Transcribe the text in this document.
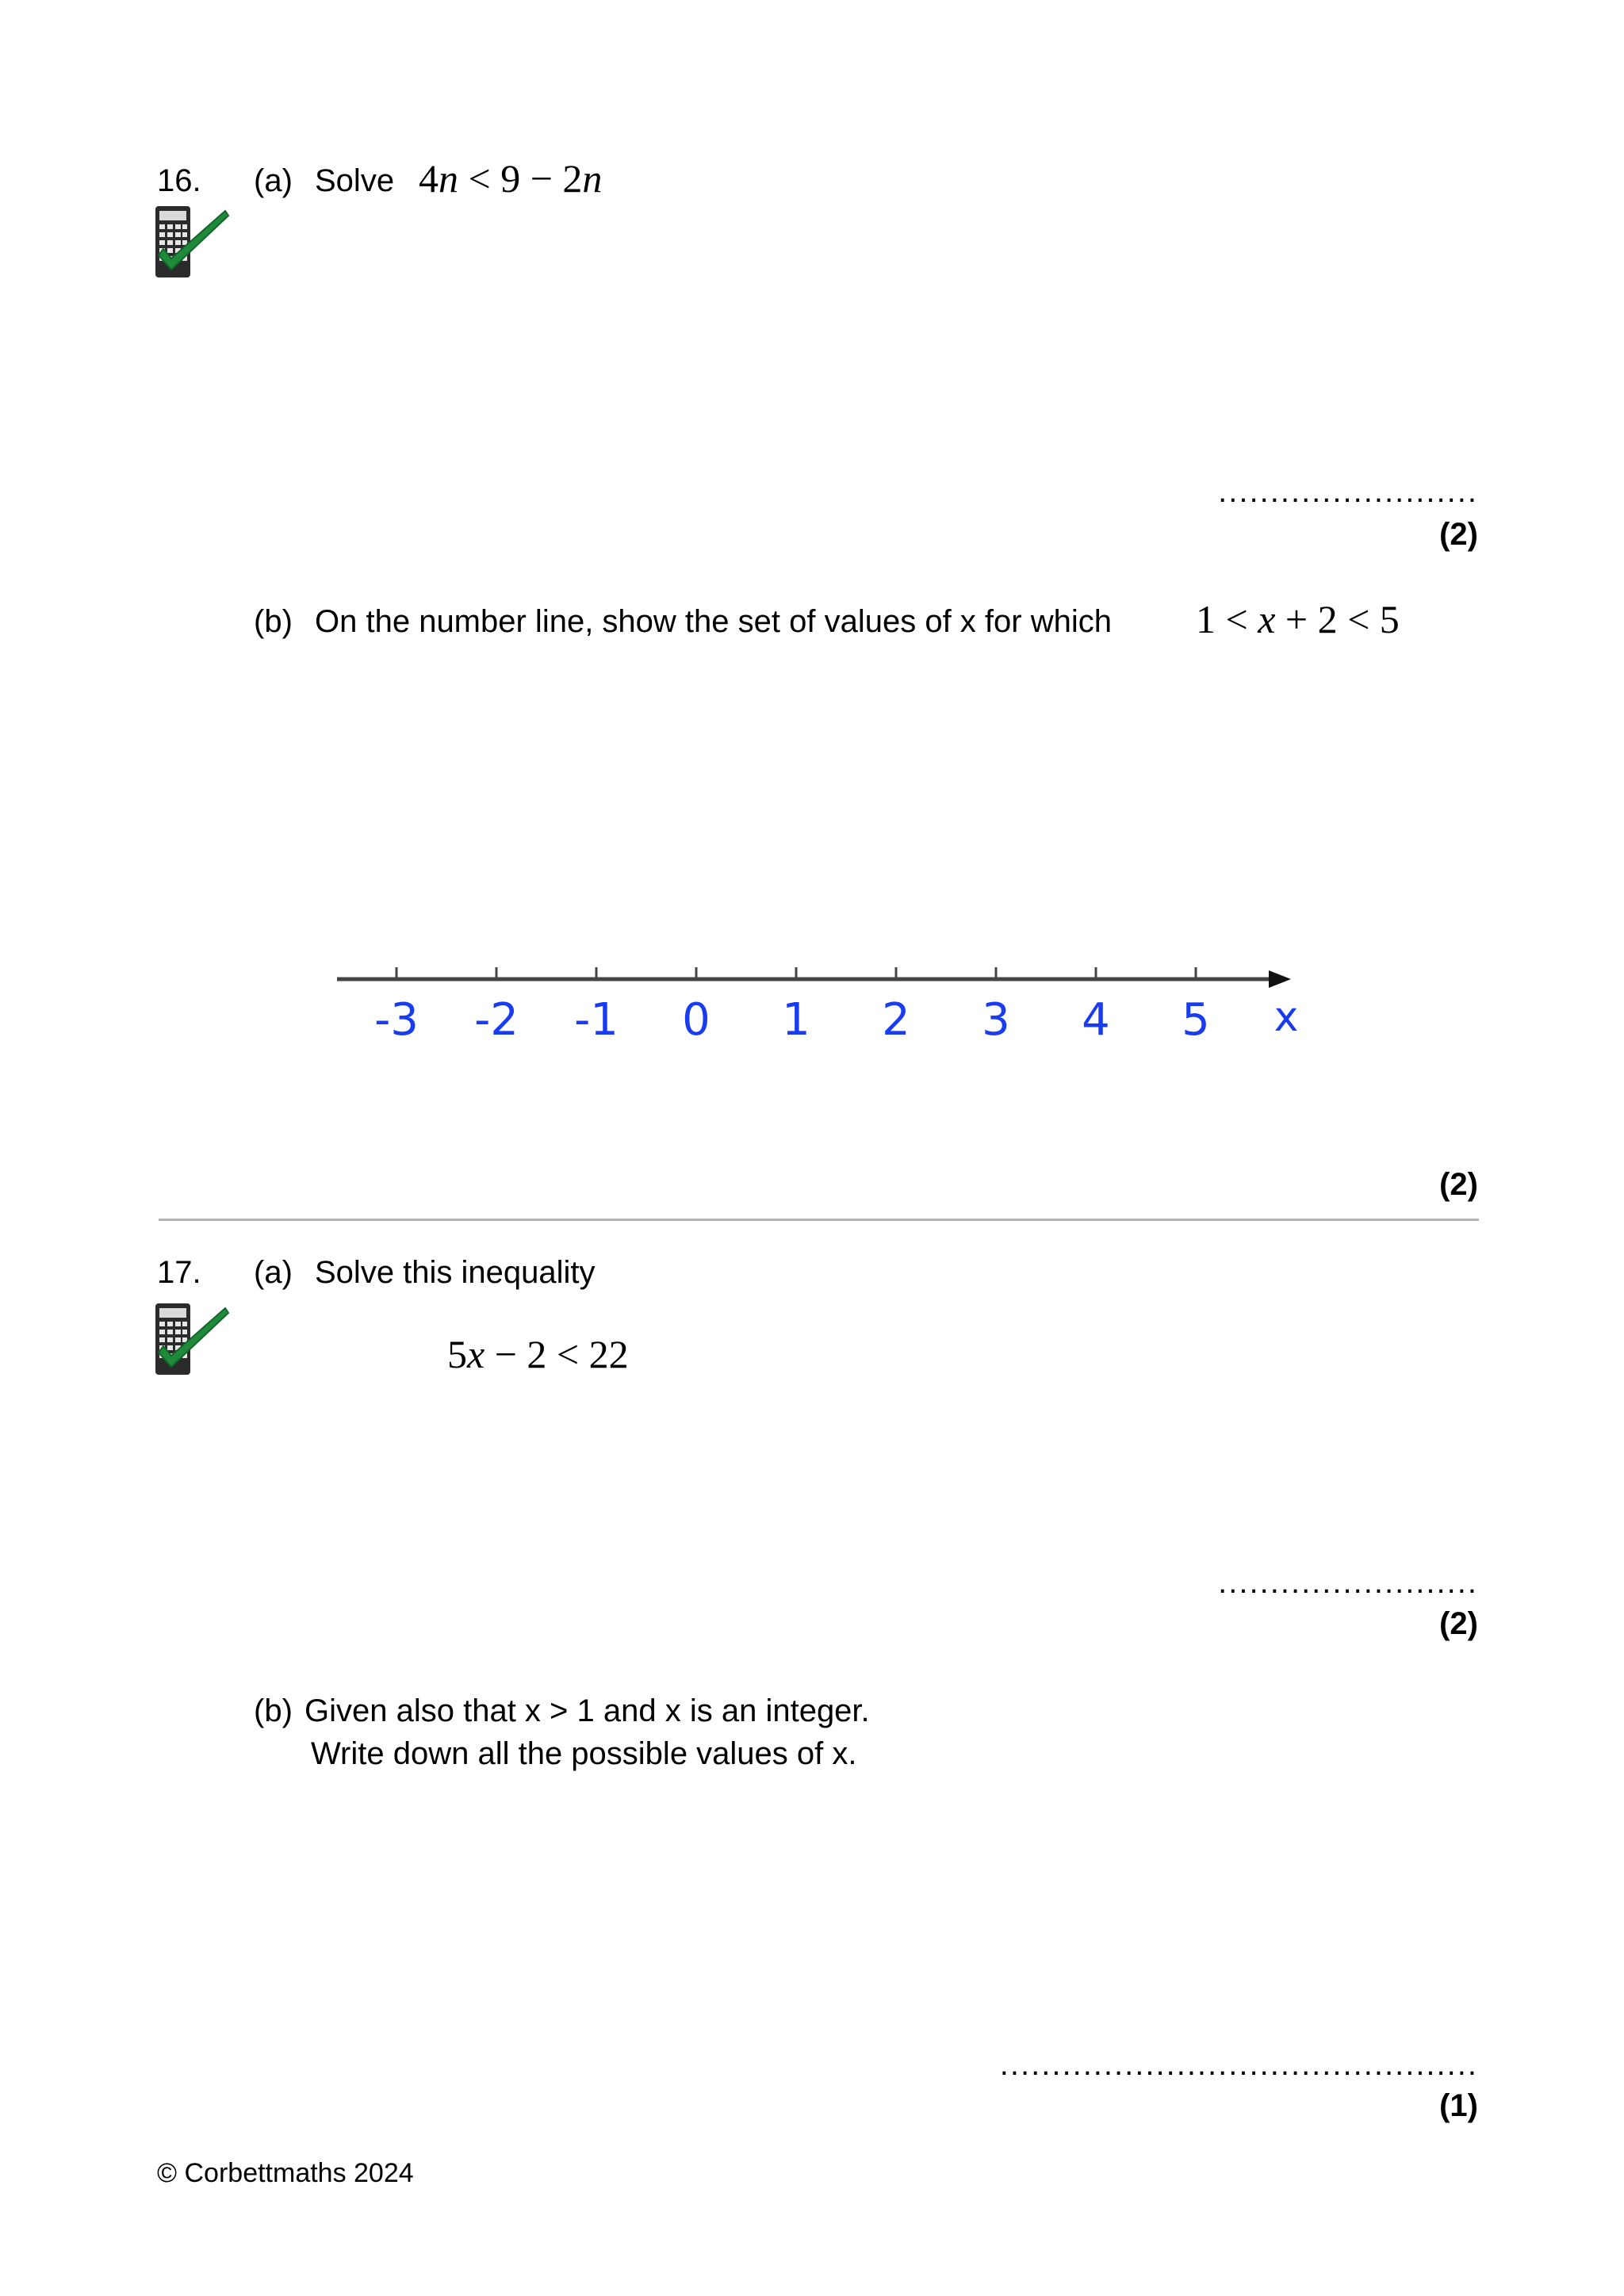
16. (a) Solve 4n < 9 − 2n
.........................
(2)
(b) On the number line, show the set of values of x for which 1 < x + 2 < 5
-3 -2 -1 0 1 2 3 4 5 x
(2)
17. (a) Solve this inequality
5x − 2 < 22
.........................
(2)
(b) Given also that x > 1 and x is an integer.
Write down all the possible values of x.
..............................................
(1)
© Corbettmaths 2024
